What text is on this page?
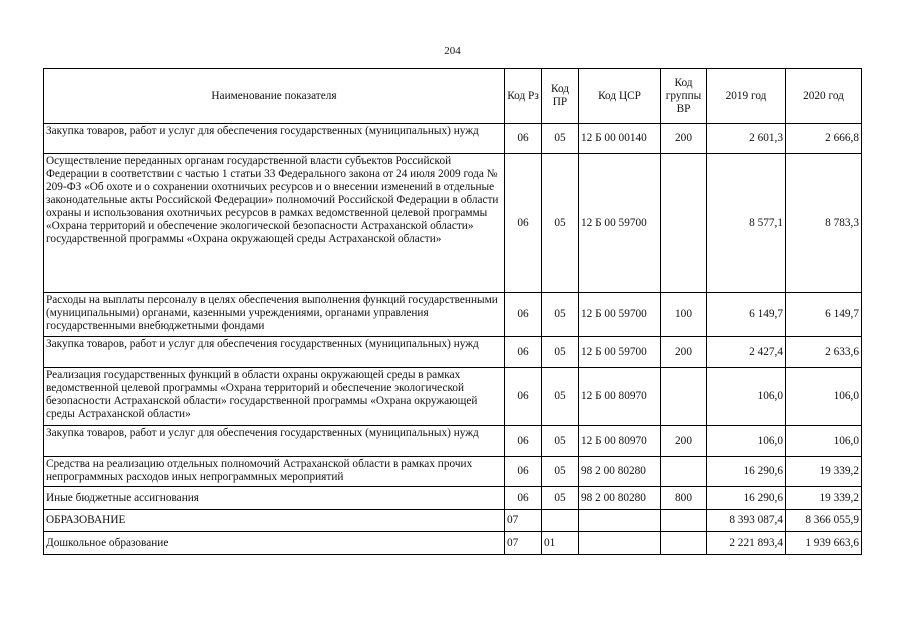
204
Наименование показателя	Код Рз	Код ПР	Код ЦСР	Код группы ВР	2019 год	2020 год
Закупка товаров, работ и услуг для обеспечения государственных (муниципальных) нужд	06	05	12 Б 00 00140	200	2 601,3	2 666,8
Осуществление переданных органам государственной власти субъектов Российской Федерации в соответствии с частью 1 статьи 33 Федерального закона от 24 июля 2009 года № 209-ФЗ «Об охоте и о сохранении охотничьих ресурсов и о внесении изменений в отдельные законодательные акты Российской Федерации» полномочий Российской Федерации в области охраны и использования охотничьих ресурсов в рамках ведомственной целевой программы «Охрана территорий и обеспечение экологической безопасности Астраханской области» государственной программы «Охрана окружающей среды Астраханской области»	06	05	12 Б 00 59700		8 577,1	8 783,3
Расходы на выплаты персоналу в целях обеспечения выполнения функций государственными (муниципальными) органами, казенными учреждениями, органами управления государственными внебюджетными фондами	06	05	12 Б 00 59700	100	6 149,7	6 149,7
Закупка товаров, работ и услуг для обеспечения государственных (муниципальных) нужд	06	05	12 Б 00 59700	200	2 427,4	2 633,6
Реализация государственных функций в области охраны окружающей среды в рамках ведомственной целевой программы «Охрана территорий и обеспечение экологической безопасности Астраханской области» государственной программы «Охрана окружающей среды Астраханской области»	06	05	12 Б 00 80970		106,0	106,0
Закупка товаров, работ и услуг для обеспечения государственных (муниципальных) нужд	06	05	12 Б 00 80970	200	106,0	106,0
Средства на реализацию отдельных полномочий Астраханской области в рамках прочих непрограммных расходов иных непрограммных мероприятий	06	05	98 2 00 80280		16 290,6	19 339,2
Иные бюджетные ассигнования	06	05	98 2 00 80280	800	16 290,6	19 339,2
ОБРАЗОВАНИЕ	07				8 393 087,4	8 366 055,9
Дошкольное образование	07	01			2 221 893,4	1 939 663,6
